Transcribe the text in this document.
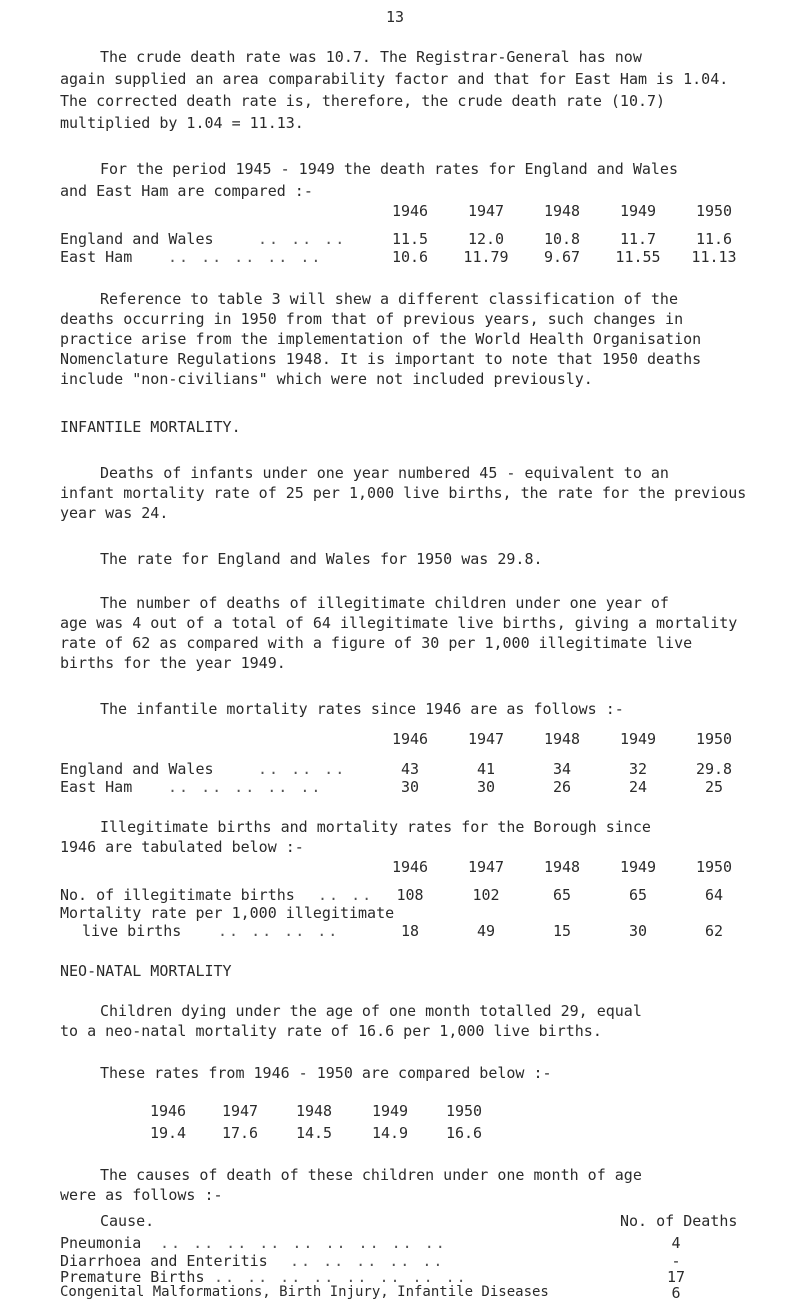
13
The crude death rate was 10.7. The Registrar-General has now
again supplied an area comparability factor and that for East Ham is 1.04.
The corrected death rate is, therefore, the crude death rate (10.7)
multiplied by 1.04 = 11.13.
For the period 1945 - 1949 the death rates for England and Wales
and East Ham are compared :-
1946	1947	1948	1949	1950
England and Wales	.. .. ..	11.5	12.0	10.8	11.7	11.6
East Ham .. .. .. .. ..	10.6	11.79	9.67	11.55	11.13
Reference to table 3 will shew a different classification of the
deaths occurring in 1950 from that of previous years, such changes in
practice arise from the implementation of the World Health Organisation
Nomenclature Regulations 1948. It is important to note that 1950 deaths
include "non-civilians" which were not included previously.
INFANTILE MORTALITY.
Deaths of infants under one year numbered 45 - equivalent to an
infant mortality rate of 25 per 1,000 live births, the rate for the previous
year was 24.
The rate for England and Wales for 1950 was 29.8.
The number of deaths of illegitimate children under one year of
age was 4 out of a total of 64 illegitimate live births, giving a mortality
rate of 62 as compared with a figure of 30 per 1,000 illegitimate live
births for the year 1949.
The infantile mortality rates since 1946 are as follows :-
1946	1947	1948	1949	1950
England and Wales	.. .. ..	43	41	34	32	29.8
East Ham .. .. .. .. ..	30	30	26	24	25
Illegitimate births and mortality rates for the Borough since
1946 are tabulated below :-
1946	1947	1948	1949	1950
No. of illegitimate births .. ..	108	102	65	65	64
Mortality rate per 1,000 illegitimate
live births .. .. .. ..	18	49	15	30	62
NEO-NATAL MORTALITY
Children dying under the age of one month totalled 29, equal
to a neo-natal mortality rate of 16.6 per 1,000 live births.
These rates from 1946 - 1950 are compared below :-
1946	1947	1948	1949	1950
19.4	17.6	14.5	14.9	16.6
The causes of death of these children under one month of age
were as follows :-
Cause.	No. of Deaths
Pneumonia .. .. .. .. .. .. .. .. ..	4
Diarrhoea and Enteritis .. .. .. .. ..	-
Premature Births .. .. .. .. .. .. .. ..	17
Congenital Malformations, Birth Injury, Infantile Diseases	6
